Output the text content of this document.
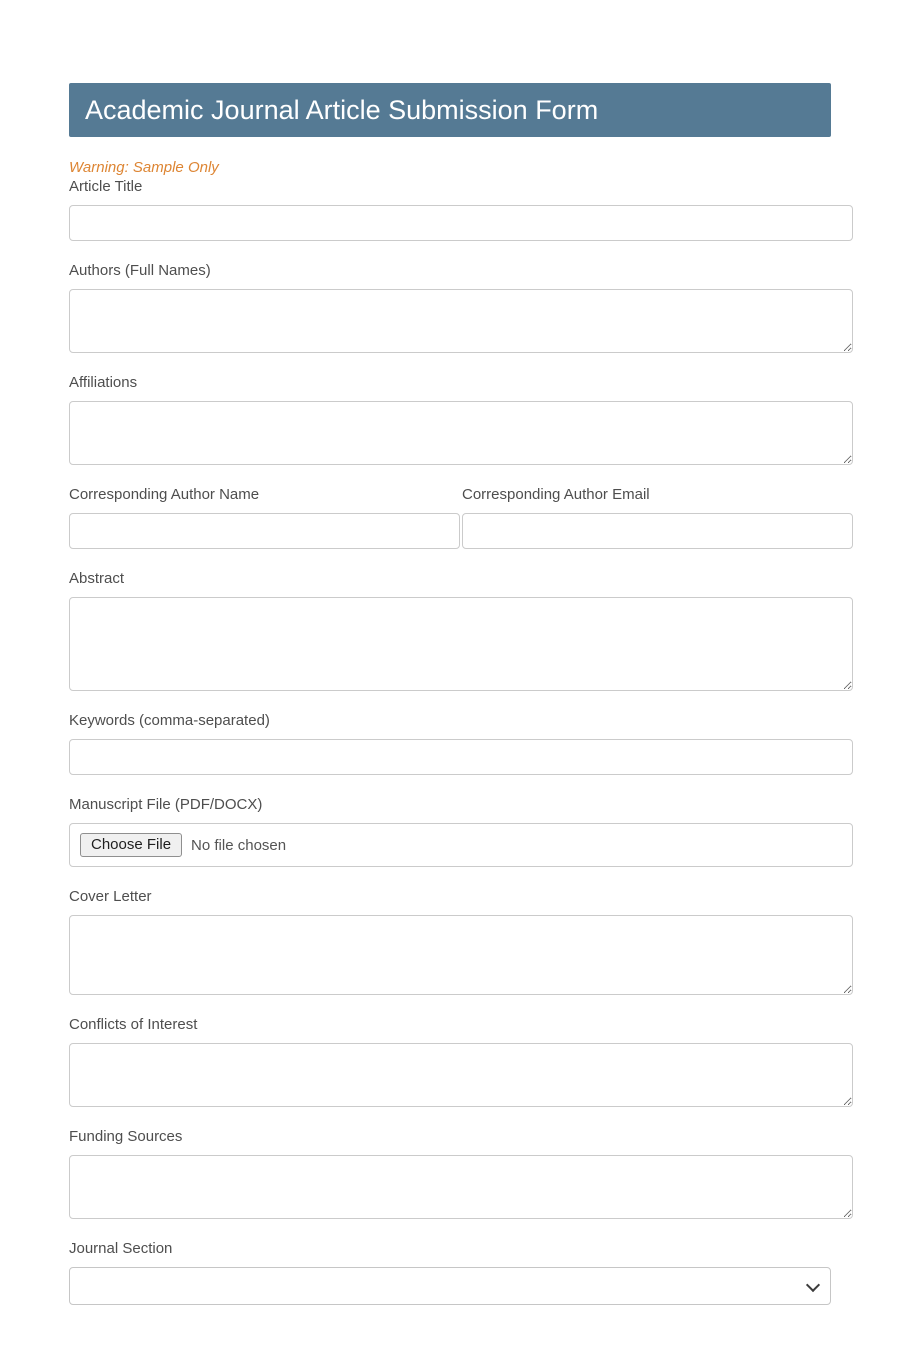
Academic Journal Article Submission Form

Warning: Sample Only

Article Title
Authors (Full Names)
Affiliations
Corresponding Author Name	Corresponding Author Email
Abstract
Keywords (comma-separated)
Manuscript File (PDF/DOCX)
Choose File	No file chosen
Cover Letter
Conflicts of Interest
Funding Sources
Journal Section
